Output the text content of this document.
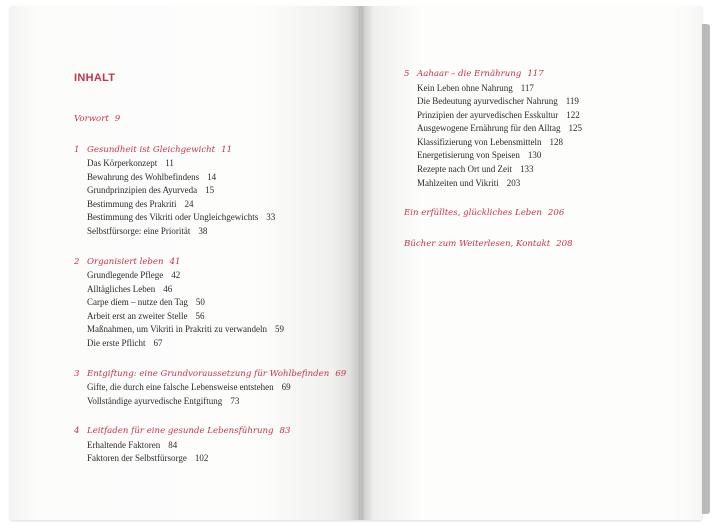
INHALT
Vorwort 9
1 Gesundheit ist Gleichgewicht 11
Das Körperkonzept 11
Bewahrung des Wohlbefindens 14
Grundprinzipien des Ayurveda 15
Bestimmung des Prakriti 24
Bestimmung des Vikriti oder Ungleichgewichts 33
Selbstfürsorge: eine Priorität 38
2 Organisiert leben 41
Grundlegende Pflege 42
Alltägliches Leben 46
Carpe diem – nutze den Tag 50
Arbeit erst an zweiter Stelle 56
Maßnahmen, um Vikriti in Prakriti zu verwandeln 59
Die erste Pflicht 67
3 Entgiftung: eine Grundvoraussetzung für Wohlbefinden 69
Gifte, die durch eine falsche Lebensweise entstehen 69
Vollständige ayurvedische Entgiftung 73
4 Leitfaden für eine gesunde Lebensführung 83
Erhaltende Faktoren 84
Faktoren der Selbstfürsorge 102
5 Aahaar – die Ernährung 117
Kein Leben ohne Nahrung 117
Die Bedeutung ayurvedischer Nahrung 119
Prinzipien der ayurvedischen Esskultur 122
Ausgewogene Ernährung für den Alltag 125
Klassifizierung von Lebensmitteln 128
Energetisierung von Speisen 130
Rezepte nach Ort und Zeit 133
Mahlzeiten und Vikriti 203
Ein erfülltes, glückliches Leben 206
Bücher zum Weiterlesen, Kontakt 208
